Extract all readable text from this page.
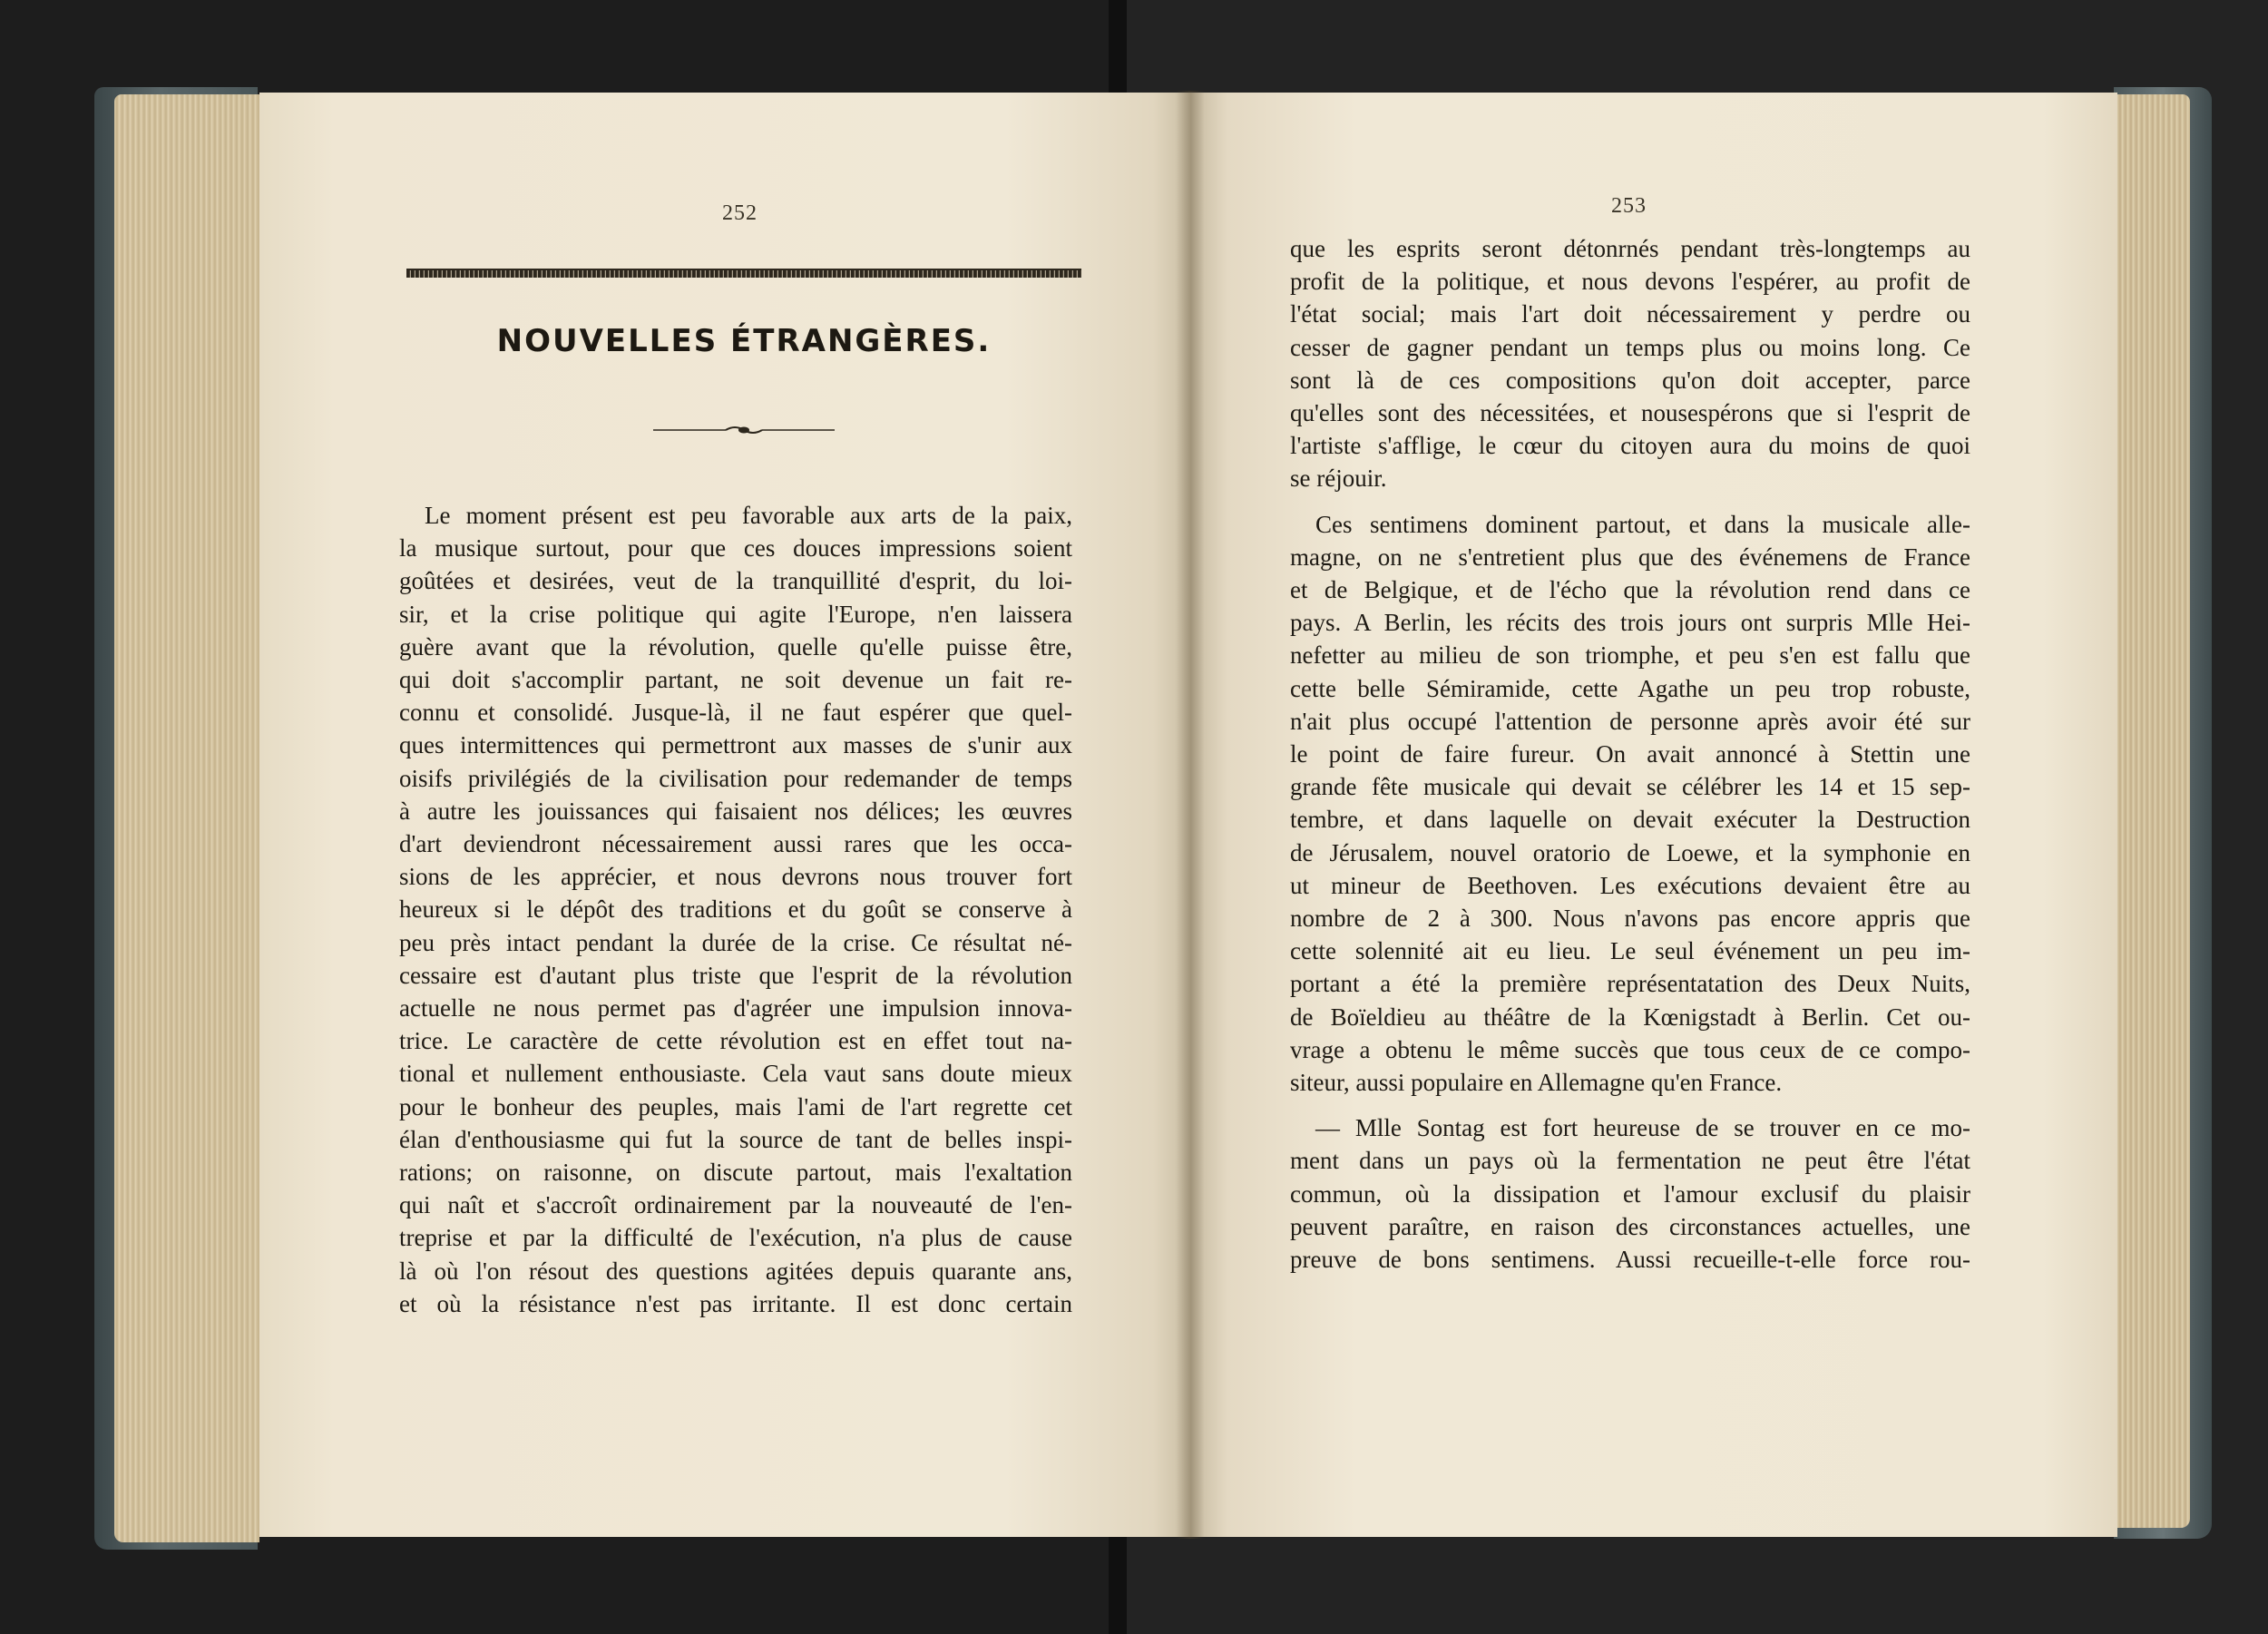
252	253
NOUVELLES ÉTRANGÈRES.
Le moment présent est peu favorable aux arts de la paix,
la musique surtout, pour que ces douces impressions soient
goûtées et desirées, veut de la tranquillité d'esprit, du loi-
sir, et la crise politique qui agite l'Europe, n'en laissera
guère avant que la révolution, quelle qu'elle puisse être,
qui doit s'accomplir partant, ne soit devenue un fait re-
connu et consolidé. Jusque-là, il ne faut espérer que quel-
ques intermittences qui permettront aux masses de s'unir aux
oisifs privilégiés de la civilisation pour redemander de temps
à autre les jouissances qui faisaient nos délices; les œuvres
d'art deviendront nécessairement aussi rares que les occa-
sions de les apprécier, et nous devrons nous trouver fort
heureux si le dépôt des traditions et du goût se conserve à
peu près intact pendant la durée de la crise. Ce résultat né-
cessaire est d'autant plus triste que l'esprit de la révolution
actuelle ne nous permet pas d'agréer une impulsion innova-
trice. Le caractère de cette révolution est en effet tout na-
tional et nullement enthousiaste. Cela vaut sans doute mieux
pour le bonheur des peuples, mais l'ami de l'art regrette cet
élan d'enthousiasme qui fut la source de tant de belles inspi-
rations; on raisonne, on discute partout, mais l'exaltation
qui naît et s'accroît ordinairement par la nouveauté de l'en-
treprise et par la difficulté de l'exécution, n'a plus de cause
là où l'on résout des questions agitées depuis quarante ans,
et où la résistance n'est pas irritante. Il est donc certain
que les esprits seront détonrnés pendant très-longtemps au
profit de la politique, et nous devons l'espérer, au profit de
l'état social; mais l'art doit nécessairement y perdre ou
cesser de gagner pendant un temps plus ou moins long. Ce
sont là de ces compositions qu'on doit accepter, parce
qu'elles sont des nécessitées, et nousespérons que si l'esprit de
l'artiste s'afflige, le cœur du citoyen aura du moins de quoi
se réjouir.
Ces sentimens dominent partout, et dans la musicale alle-
magne, on ne s'entretient plus que des événemens de France
et de Belgique, et de l'écho que la révolution rend dans ce
pays. A Berlin, les récits des trois jours ont surpris Mlle Hei-
nefetter au milieu de son triomphe, et peu s'en est fallu que
cette belle Sémiramide, cette Agathe un peu trop robuste,
n'ait plus occupé l'attention de personne après avoir été sur
le point de faire fureur. On avait annoncé à Stettin une
grande fête musicale qui devait se célébrer les 14 et 15 sep-
tembre, et dans laquelle on devait exécuter la Destruction
de Jérusalem, nouvel oratorio de Loewe, et la symphonie en
ut mineur de Beethoven. Les exécutions devaient être au
nombre de 2 à 300. Nous n'avons pas encore appris que
cette solennité ait eu lieu. Le seul événement un peu im-
portant a été la première représentatation des Deux Nuits,
de Boïeldieu au théâtre de la Kœnigstadt à Berlin. Cet ou-
vrage a obtenu le même succès que tous ceux de ce compo-
siteur, aussi populaire en Allemagne qu'en France.
— Mlle Sontag est fort heureuse de se trouver en ce mo-
ment dans un pays où la fermentation ne peut être l'état
commun, où la dissipation et l'amour exclusif du plaisir
peuvent paraître, en raison des circonstances actuelles, une
preuve de bons sentimens. Aussi recueille-t-elle force rou-
